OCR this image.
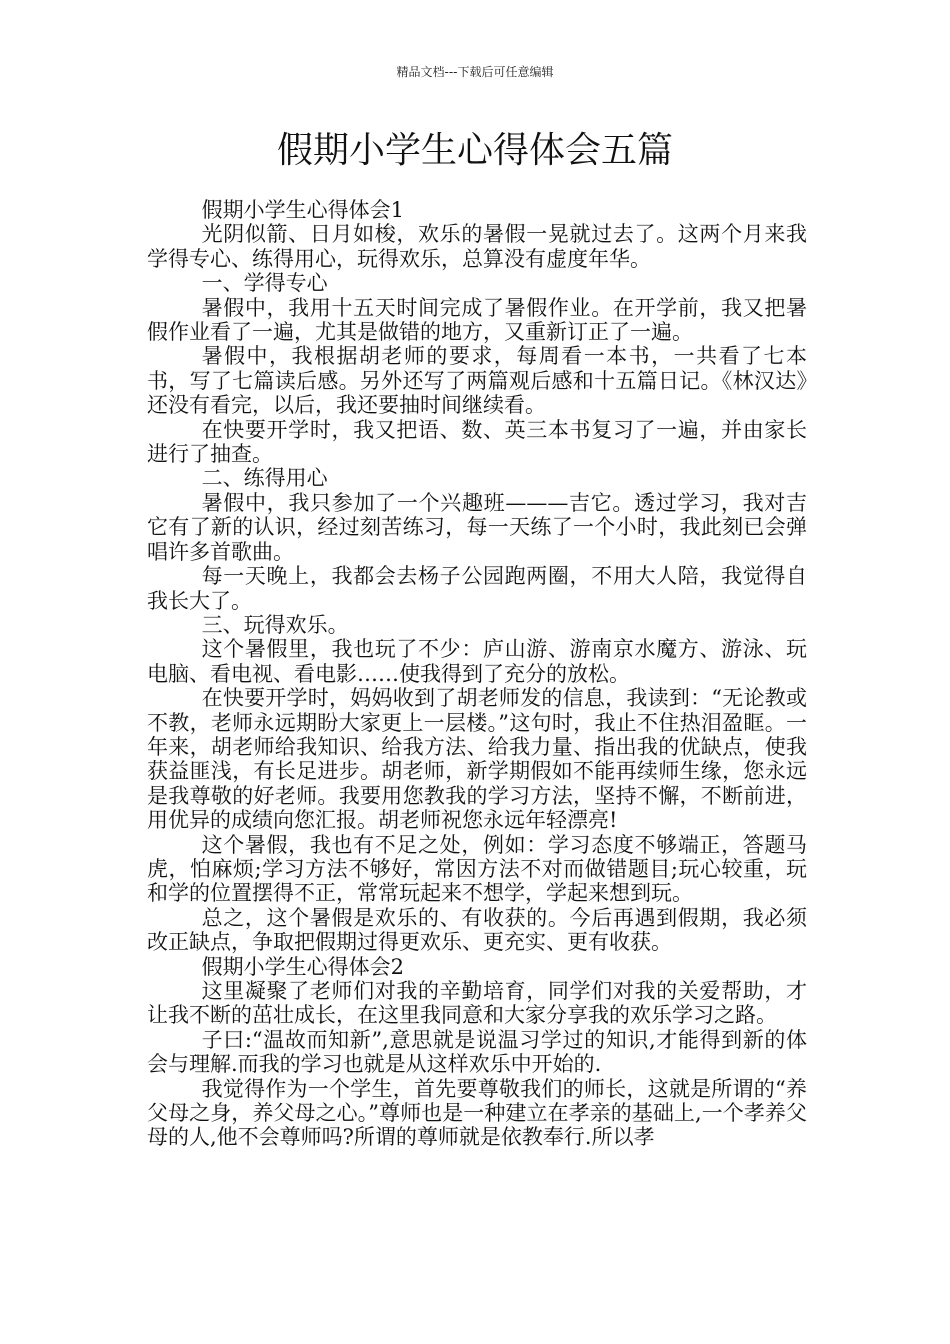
精品文档---下载后可任意编辑
假期小学生心得体会五篇

假期小学生心得体会1

光阴似箭、日月如梭，欢乐的暑假一晃就过去了。这两个月来我学得专心、练得用心，玩得欢乐，总算没有虚度年华。

一、学得专心

暑假中，我用十五天时间完成了暑假作业。在开学前，我又把暑假作业看了一遍，尤其是做错的地方，又重新订正了一遍。

暑假中，我根据胡老师的要求，每周看一本书，一共看了七本书，写了七篇读后感。另外还写了两篇观后感和十五篇日记。《林汉达》还没有看完，以后，我还要抽时间继续看。

在快要开学时，我又把语、数、英三本书复习了一遍，并由家长进行了抽查。

二、练得用心

暑假中，我只参加了一个兴趣班———吉它。透过学习，我对吉它有了新的认识，经过刻苦练习，每一天练了一个小时，我此刻已会弹唱许多首歌曲。

每一天晚上，我都会去杨子公园跑两圈，不用大人陪，我觉得自我长大了。

三、玩得欢乐。

这个暑假里，我也玩了不少：庐山游、游南京水魔方、游泳、玩电脑、看电视、看电影……使我得到了充分的放松。

在快要开学时，妈妈收到了胡老师发的信息，我读到：“无论教或不教，老师永远期盼大家更上一层楼。”这句时，我止不住热泪盈眶。一年来，胡老师给我知识、给我方法、给我力量、指出我的优缺点，使我获益匪浅，有长足进步。胡老师，新学期假如不能再续师生缘，您永远是我尊敬的好老师。我要用您教我的学习方法，坚持不懈，不断前进，用优异的成绩向您汇报。胡老师祝您永远年轻漂亮!

这个暑假，我也有不足之处，例如：学习态度不够端正，答题马虎，怕麻烦;学习方法不够好，常因方法不对而做错题目;玩心较重，玩和学的位置摆得不正，常常玩起来不想学，学起来想到玩。

总之，这个暑假是欢乐的、有收获的。今后再遇到假期，我必须改正缺点，争取把假期过得更欢乐、更充实、更有收获。

假期小学生心得体会2

这里凝聚了老师们对我的辛勤培育，同学们对我的关爱帮助，才让我不断的茁壮成长，在这里我同意和大家分享我的欢乐学习之路。

子曰:“温故而知新”,意思就是说温习学过的知识,才能得到新的体会与理解.而我的学习也就是从这样欢乐中开始的.

我觉得作为一个学生，首先要尊敬我们的师长，这就是所谓的“养父母之身，养父母之心。”尊师也是一种建立在孝亲的基础上,一个孝养父母的人,他不会尊师吗?所谓的尊师就是依教奉行.所以孝
